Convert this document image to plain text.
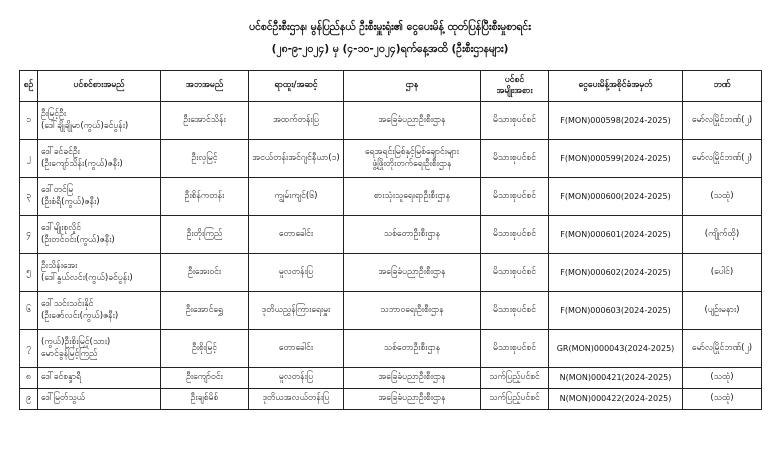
ပင်စင်ဦးစီးဌာန၊ မွန်ပြည်နယ် ဦးစီးမှူးရုံး၏ ငွေပေးမိန့် ထုတ်ပြန်ပြီးစီးမှုစာရင်း
(၂၈-၉-၂၀၂၄) မှ (၄-၁၀-၂၀၂၄)ရက်နေ့အထိ (ဦးစီးဌာနများ)
စဉ်	ပင်စင်စားအမည်	အဘအမည်	ရာထူး/အဆင့်	ဌာန	ပင်စင်
အမျိုးအစား	ငွေပေးမိန့်အစိုင်ခံအမှတ်	ဘဏ်
၁	ဦးမြင့်ဦး
(ဒေါ်ချိုချိုမာ(ကွယ်)ခင်ပွန်း)	ဦးအောင်သိန်း	အထက်တန်းပြ	အခြေခံပညာဦးစီးဌာန	မိသားစုပင်စင်	F(MON)000598(2024-2025)	မော်လမြိုင်ဘဏ်(၂)
၂	ဒေါ်ခင်ခင်ဦး
(ဦးကျော်သိန်း(ကွယ်)ဇနီး)	ဦးလှမြင့်	အငယ်တန်းအင်ဂျင်နီယာ(၁)	ရေအရင်းမြစ်နှင့်မြစ်ချောင်းများ
ဖွံ့ဖြိုးတိုးတက်ရေးဦးစီးဌာန	မိသားစုပင်စင်	F(MON)000599(2024-2025)	မော်လမြိုင်ဘဏ်(၂)
၃	ဒေါ်တင်မြ
(ဦးစံရီ(ကွယ်)ဇနီး)	ဦးစိန်ကတန်း	ကျွမ်းကျင်(၆)	စားသုံးသူရေးရာဦးစီးဌာန	မိသားစုပင်စင်	F(MON)000600(2024-2025)	(သထုံ)
၄	ဒေါ်မျိုးစုလှိုင်
(ဦးတင်ဝင်း(ကွယ်)ဇနီး)	ဦးတိုးကြည်	တောခေါင်း	သစ်တောဦးစီးဌာန	မိသားစုပင်စင်	F(MON)000601(2024-2025)	(ကျိုက်ထို)
၅	ဦးသိန်းအေး
(ဒေါ်နွယ်လင်း(ကွယ်)ခင်ပွန်း)	ဦးအေးဝင်း	မူလတန်းပြ	အခြေခံပညာဦးစီးဌာန	မိသားစုပင်စင်	F(MON)000602(2024-2025)	(ပေါင်)
၆	ဒေါ်သင်းသင်းနိုင်
(ဦးဇော်လင်း(ကွယ်)ဇနီး)	ဦးအောင်ရွှေ	ဒုတိယညွှန်ကြားရေးမှူး	သဘာဝရေးဦးစီးဌာန	မိသားစုပင်စင်	F(MON)000603(2024-2025)	(ပျဉ်းမနား)
၇	(ကွယ်)ဦးစိုးမြင့်(သား)
မောင်ခွန်မြင့်ကြည်	ဦးစိုးမြင့်	တောခေါင်း	သစ်တောဦးစီးဌာန	မိသားစုပင်စင်	GR(MON)000043(2024-2025)	မော်လမြိုင်ဘဏ်(၂)
၈	ဒေါ်ခင်စန္ဒာရီ	ဦးကျော်ဝင်း	မူလတန်းပြ	အခြေခံပညာဦးစီးဌာန	သက်ပြည့်ပင်စင်	N(MON)000421(2024-2025)	(သထုံ)
၉	ဒေါ်မြတ်သွယ်	ဦးချစ်မိစ်	ဒုတိယအလယ်တန်းပြ	အခြေခံပညာဦးစီးဌာန	သက်ပြည့်ပင်စင်	N(MON)000422(2024-2025)	(သထုံ)
